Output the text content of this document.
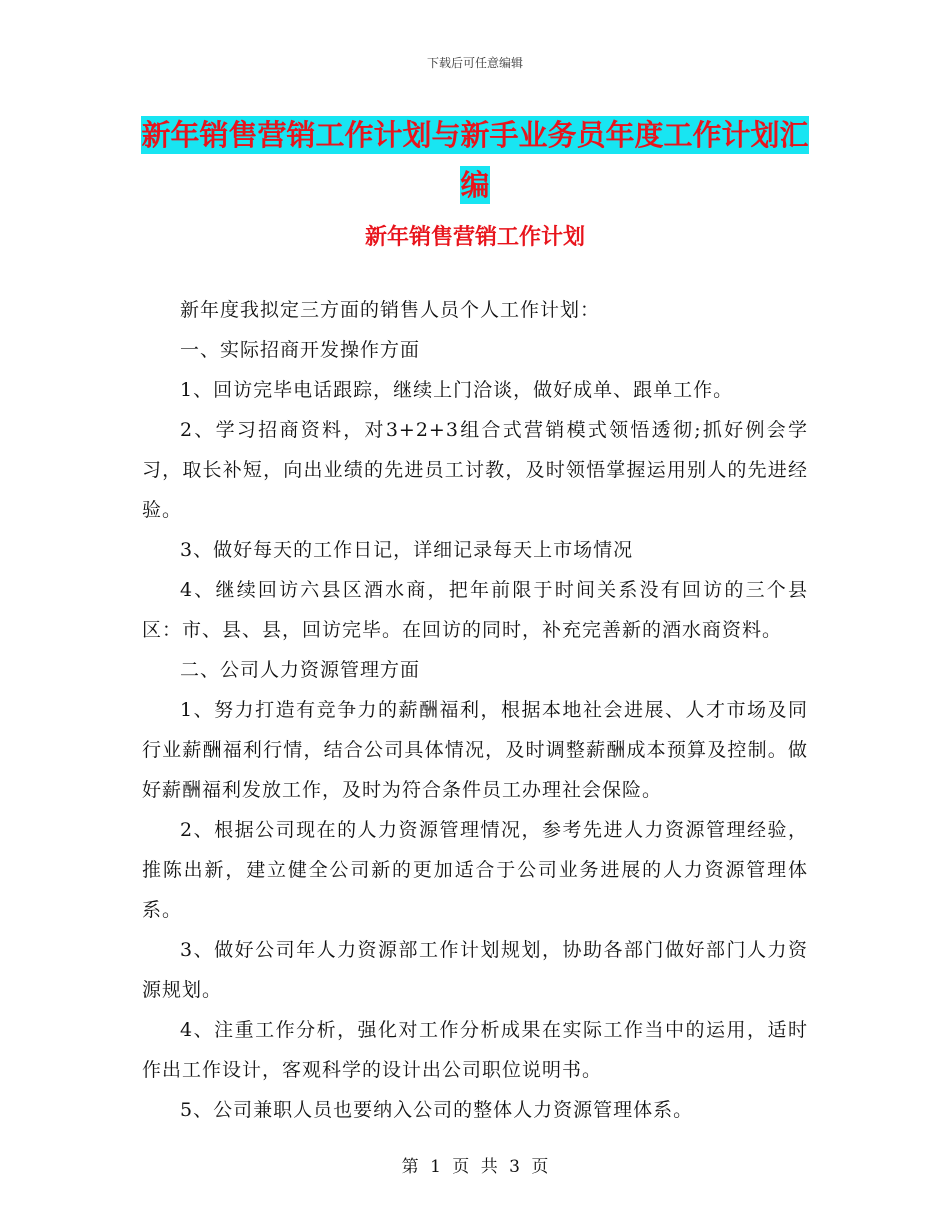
下载后可任意编辑
新年销售营销工作计划与新手业务员年度工作计划汇编
新年销售营销工作计划

新年度我拟定三方面的销售人员个人工作计划：

一、实际招商开发操作方面

1、回访完毕电话跟踪，继续上门洽谈，做好成单、跟单工作。

2、学习招商资料，对3+2+3组合式营销模式领悟透彻;抓好例会学习，取长补短，向出业绩的先进员工讨教，及时领悟掌握运用别人的先进经验。

3、做好每天的工作日记，详细记录每天上市场情况

4、继续回访六县区酒水商，把年前限于时间关系没有回访的三个县区：市、县、县，回访完毕。在回访的同时，补充完善新的酒水商资料。

二、公司人力资源管理方面

1、努力打造有竞争力的薪酬福利，根据本地社会进展、人才市场及同行业薪酬福利行情，结合公司具体情况，及时调整薪酬成本预算及控制。做好薪酬福利发放工作，及时为符合条件员工办理社会保险。

2、根据公司现在的人力资源管理情况，参考先进人力资源管理经验，推陈出新，建立健全公司新的更加适合于公司业务进展的人力资源管理体系。

3、做好公司年人力资源部工作计划规划，协助各部门做好部门人力资源规划。

4、注重工作分析，强化对工作分析成果在实际工作当中的运用，适时作出工作设计，客观科学的设计出公司职位说明书。

5、公司兼职人员也要纳入公司的整体人力资源管理体系。

第 1 页 共 3 页
